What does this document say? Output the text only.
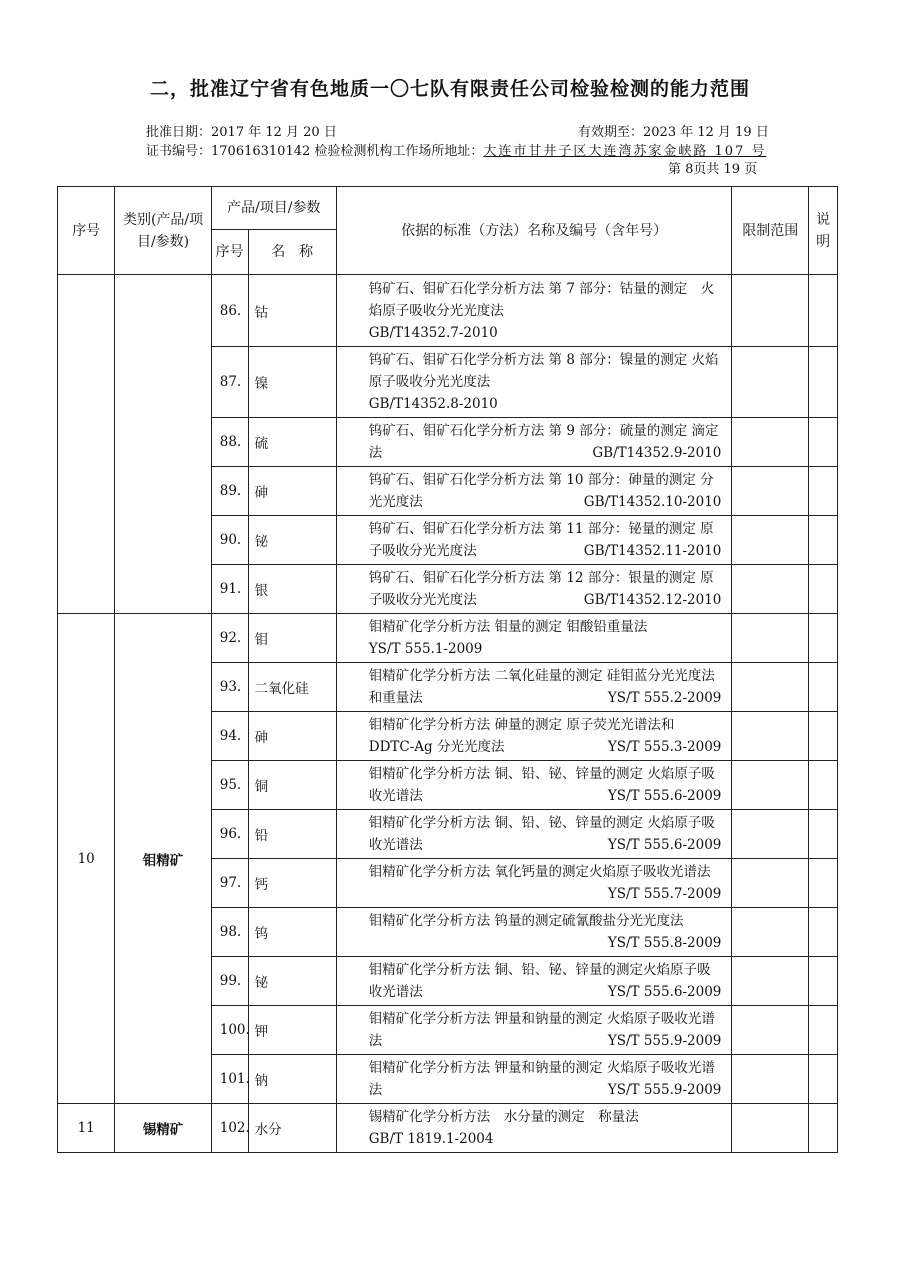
二，批准辽宁省有色地质一〇七队有限责任公司检验检测的能力范围
批准日期：2017 年 12 月 20 日	有效期至：2023 年 12 月 19 日
证书编号：170616310142 检验检测机构工作场所地址：大连市甘井子区大连湾苏家金峡路 107 号
第 8页共 19 页
序号	类别(产品/项目/参数)	产品/项目/参数		依据的标准（方法）名称及编号（含年号）	限制范围	说明
		序号	名　称			
		86.	钴	钨矿石、钼矿石化学分析方法 第 7 部分：钴量的测定　火焰原子吸收分光光度法
GB/T14352.7-2010		

		87.	镍	钨矿石、钼矿石化学分析方法 第 8 部分：镍量的测定 火焰原子吸收分光光度法
GB/T14352.8-2010		

		88.	硫	钨矿石、钼矿石化学分析方法 第 9 部分：硫量的测定 滴定法 GB/T14352.9-2010		

		89.	砷	钨矿石、钼矿石化学分析方法 第 10 部分：砷量的测定 分光光度法 GB/T14352.10-2010		

		90.	铋	钨矿石、钼矿石化学分析方法 第 11 部分：铋量的测定 原子吸收分光光度法 GB/T14352.11-2010		

		91.	银	钨矿石、钼矿石化学分析方法 第 12 部分：银量的测定 原子吸收分光光度法 GB/T14352.12-2010		

10	钼精矿	92.	钼	钼精矿化学分析方法 钼量的测定 钼酸铅重量法
YS/T 555.1-2009		

		93.	二氧化硅	钼精矿化学分析方法 二氧化硅量的测定 硅钼蓝分光光度法和重量法 YS/T 555.2-2009		

		94.	砷	钼精矿化学分析方法 砷量的测定 原子荧光光谱法和 DDTC-Ag 分光光度法 YS/T 555.3-2009		

		95.	铜	钼精矿化学分析方法 铜、铅、铋、锌量的测定 火焰原子吸收光谱法 YS/T 555.6-2009		

		96.	铅	钼精矿化学分析方法 铜、铅、铋、锌量的测定 火焰原子吸收光谱法 YS/T 555.6-2009		

		97.	钙	钼精矿化学分析方法 氧化钙量的测定火焰原子吸收光谱法
YS/T 555.7-2009		

		98.	钨	钼精矿化学分析方法 钨量的测定硫氰酸盐分光光度法
YS/T 555.8-2009		

		99.	铋	钼精矿化学分析方法 铜、铅、铋、锌量的测定火焰原子吸收光谱法 YS/T 555.6-2009		

		100.	钾	钼精矿化学分析方法 钾量和钠量的测定 火焰原子吸收光谱法 YS/T 555.9-2009		

		101.	钠	钼精矿化学分析方法 钾量和钠量的测定 火焰原子吸收光谱法 YS/T 555.9-2009		

11	锡精矿	102.	水分	锡精矿化学分析方法　水分量的测定　称量法
GB/T 1819.1-2004		
